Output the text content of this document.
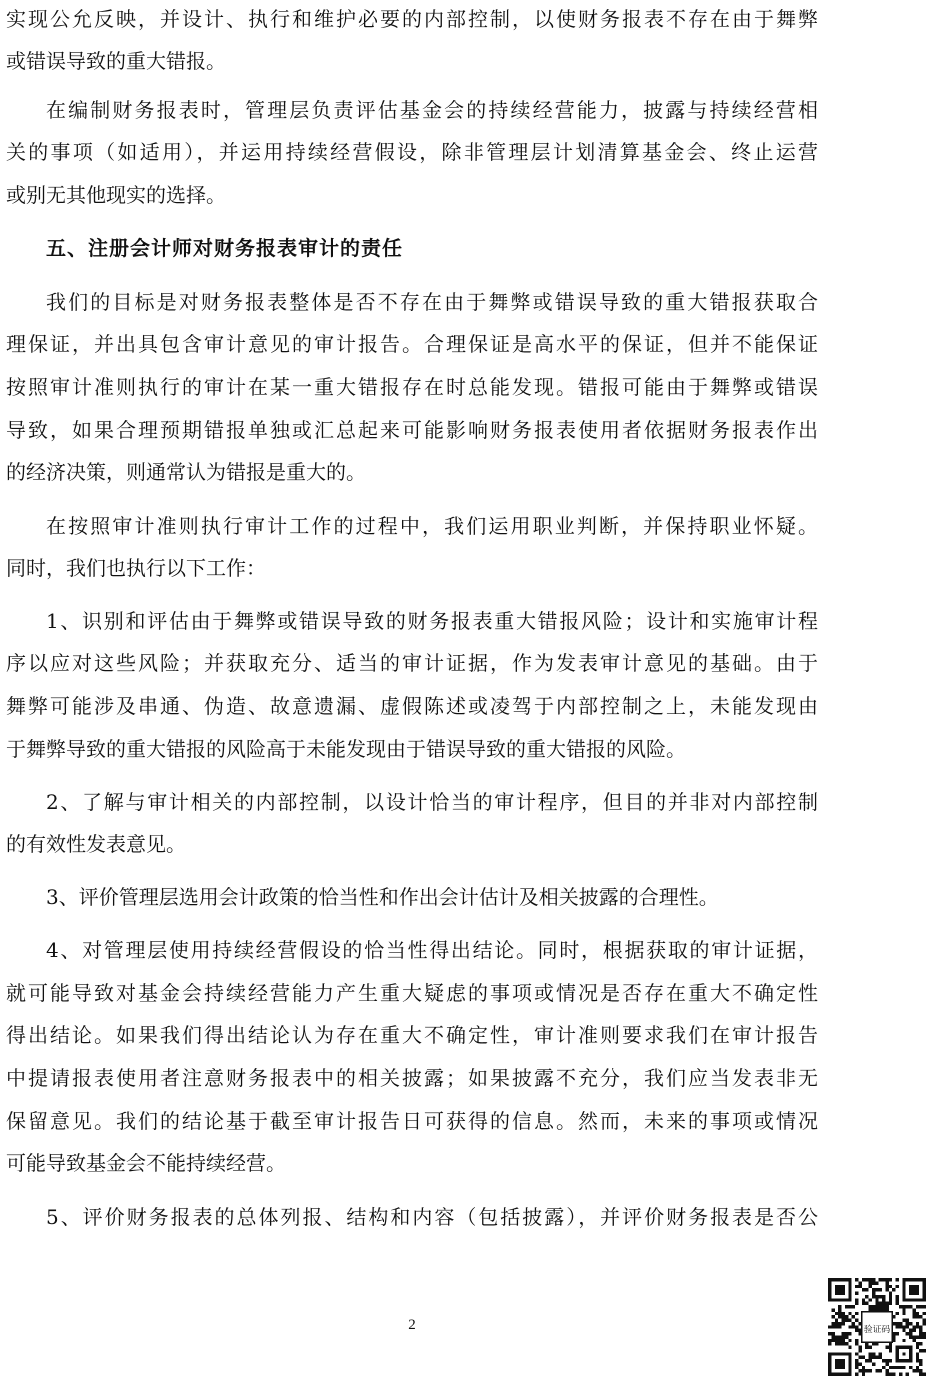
实现公允反映，并设计、执行和维护必要的内部控制，以使财务报表不存在由于舞弊
或错误导致的重大错报。
在编制财务报表时，管理层负责评估基金会的持续经营能力，披露与持续经营相
关的事项（如适用），并运用持续经营假设，除非管理层计划清算基金会、终止运营
或别无其他现实的选择。
五、注册会计师对财务报表审计的责任
我们的目标是对财务报表整体是否不存在由于舞弊或错误导致的重大错报获取合
理保证，并出具包含审计意见的审计报告。合理保证是高水平的保证，但并不能保证
按照审计准则执行的审计在某一重大错报存在时总能发现。错报可能由于舞弊或错误
导致，如果合理预期错报单独或汇总起来可能影响财务报表使用者依据财务报表作出
的经济决策，则通常认为错报是重大的。
在按照审计准则执行审计工作的过程中，我们运用职业判断，并保持职业怀疑。
同时，我们也执行以下工作：
1、识别和评估由于舞弊或错误导致的财务报表重大错报风险；设计和实施审计程
序以应对这些风险；并获取充分、适当的审计证据，作为发表审计意见的基础。由于
舞弊可能涉及串通、伪造、故意遗漏、虚假陈述或凌驾于内部控制之上，未能发现由
于舞弊导致的重大错报的风险高于未能发现由于错误导致的重大错报的风险。
2、了解与审计相关的内部控制，以设计恰当的审计程序，但目的并非对内部控制
的有效性发表意见。
3、评价管理层选用会计政策的恰当性和作出会计估计及相关披露的合理性。
4、对管理层使用持续经营假设的恰当性得出结论。同时，根据获取的审计证据，
就可能导致对基金会持续经营能力产生重大疑虑的事项或情况是否存在重大不确定性
得出结论。如果我们得出结论认为存在重大不确定性，审计准则要求我们在审计报告
中提请报表使用者注意财务报表中的相关披露；如果披露不充分，我们应当发表非无
保留意见。我们的结论基于截至审计报告日可获得的信息。然而，未来的事项或情况
可能导致基金会不能持续经营。
5、评价财务报表的总体列报、结构和内容（包括披露），并评价财务报表是否公
2	验证码
